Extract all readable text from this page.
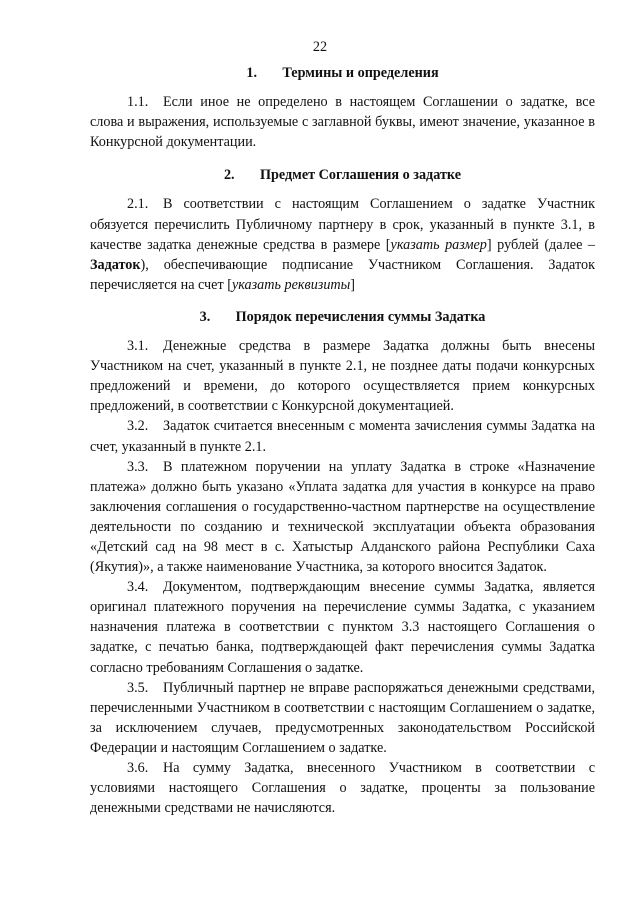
22

1. Термины и определения

1.1. Если иное не определено в настоящем Соглашении о задатке, все слова и выражения, используемые с заглавной буквы, имеют значение, указанное в Конкурсной документации.

2. Предмет Соглашения о задатке

2.1. В соответствии с настоящим Соглашением о задатке Участник обязуется перечислить Публичному партнеру в срок, указанный в пункте 3.1, в качестве задатка денежные средства в размере [указать размер] рублей (далее – Задаток), обеспечивающие подписание Участником Соглашения. Задаток перечисляется на счет [указать реквизиты]

3. Порядок перечисления суммы Задатка

3.1. Денежные средства в размере Задатка должны быть внесены Участником на счет, указанный в пункте 2.1, не позднее даты подачи конкурсных предложений и времени, до которого осуществляется прием конкурсных предложений, в соответствии с Конкурсной документацией.

3.2. Задаток считается внесенным с момента зачисления суммы Задатка на счет, указанный в пункте 2.1.

3.3. В платежном поручении на уплату Задатка в строке «Назначение платежа» должно быть указано «Уплата задатка для участия в конкурсе на право заключения соглашения о государственно-частном партнерстве на осуществление деятельности по созданию и технической эксплуатации объекта образования «Детский сад на 98 мест в с. Хатыстыр Алданского района Республики Саха (Якутия)», а также наименование Участника, за которого вносится Задаток.

3.4. Документом, подтверждающим внесение суммы Задатка, является оригинал платежного поручения на перечисление суммы Задатка, с указанием назначения платежа в соответствии с пунктом 3.3 настоящего Соглашения о задатке, с печатью банка, подтверждающей факт перечисления суммы Задатка согласно требованиям Соглашения о задатке.

3.5. Публичный партнер не вправе распоряжаться денежными средствами, перечисленными Участником в соответствии с настоящим Соглашением о задатке, за исключением случаев, предусмотренных законодательством Российской Федерации и настоящим Соглашением о задатке.

3.6. На сумму Задатка, внесенного Участником в соответствии с условиями настоящего Соглашения о задатке, проценты за пользование денежными средствами не начисляются.
